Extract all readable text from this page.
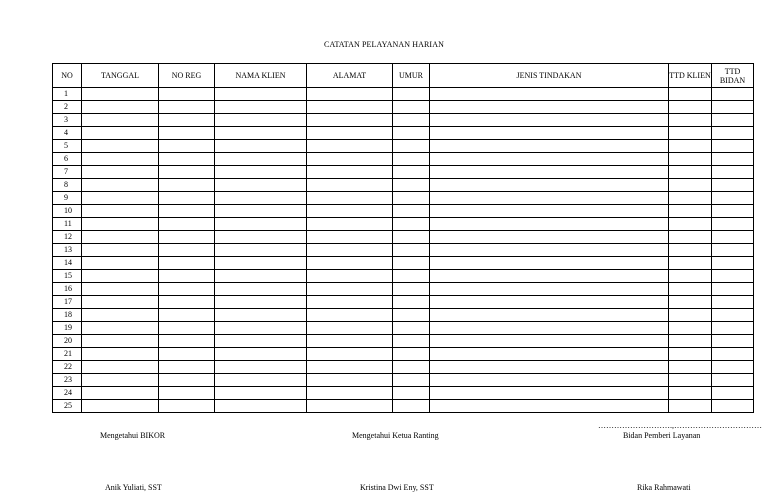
CATATAN PELAYANAN HARIAN
NO	TANGGAL	NO REG	NAMA KLIEN	ALAMAT	UMUR	JENIS TINDAKAN	TTD KLIEN	TTD BIDAN
1								
2								
3								
4								
5								
6								
7								
8								
9								
10								
11								
12								
13								
14								
15								
16								
17								
18								
19								
20								
21								
22								
23								
24								
25								
……………………….,……………………………
Mengetahui BIKOR	Mengetahui Ketua Ranting	Bidan Pemberi Layanan
Anik Yuliati, SST	Kristina Dwi Eny, SST	Rika Rahmawati
